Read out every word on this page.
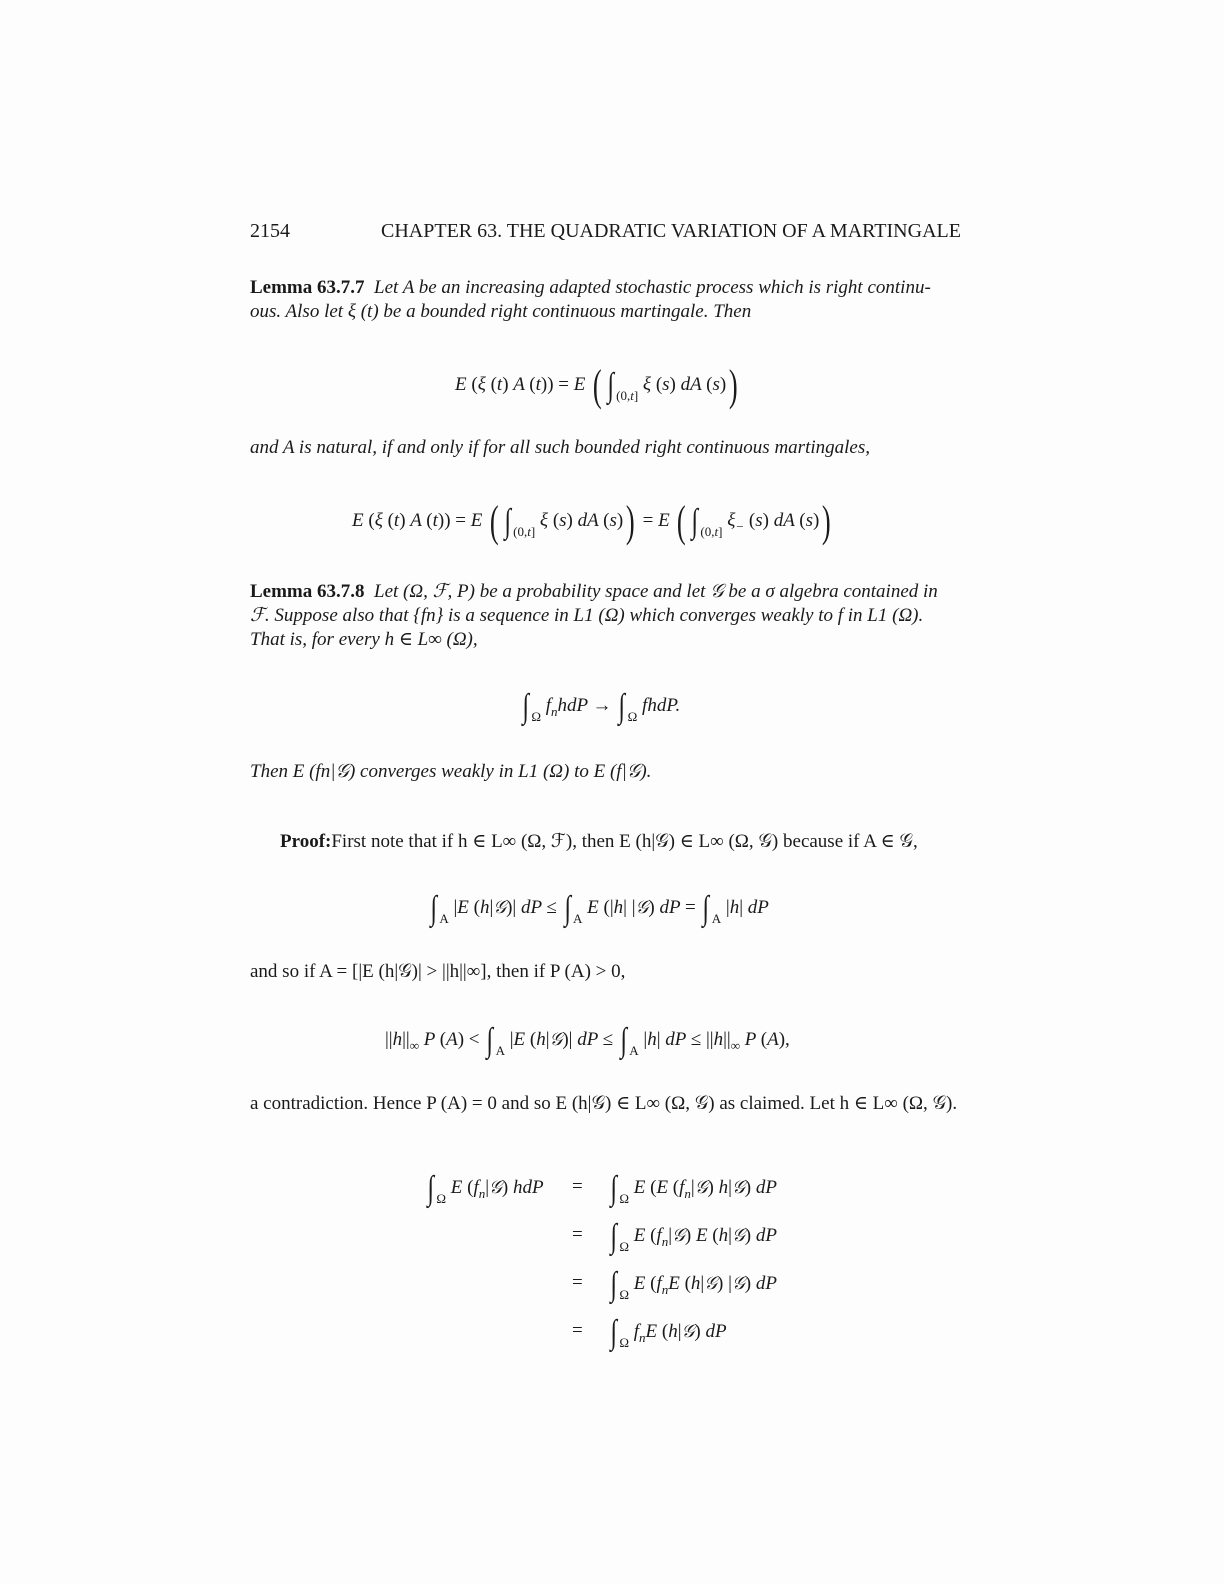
2154	CHAPTER 63. THE QUADRATIC VARIATION OF A MARTINGALE
Lemma 63.7.7 Let A be an increasing adapted stochastic process which is right continu-
ous. Also let ξ (t) be a bounded right continuous martingale. Then
E (ξ (t) A (t)) = E ( ∫ $_{(0,t]}$ ξ (s) dA (s))
and A is natural, if and only if for all such bounded right continuous martingales,
E (ξ (t) A (t)) = E ( ∫ $_{(0,t]}$ ξ (s) dA (s)) = E ( ∫ $_{(0,t]}$ $\xi_-$ (s) dA (s))
Lemma 63.7.8 Let (Ω, ℱ, P) be a probability space and let 𝒢 be a σ algebra contained in
ℱ. Suppose also that {fn} is a sequence in L1 (Ω) which converges weakly to f in L1 (Ω).
That is, for every h ∈ L∞ (Ω),
∫ $_\Omega$ $f_nhdP$ → ∫ $_\Omega$ fhdP.
Then E (fn|𝒢) converges weakly in L1 (Ω) to E (f|𝒢).
Proof:First note that if h ∈ L∞ (Ω, ℱ), then E (h|𝒢) ∈ L∞ (Ω, 𝒢) because if A ∈ 𝒢,
∫ $_A$ |E (h|𝒢)| dP ≤ ∫ $_A$ E (|h| |𝒢) dP = ∫ $_A$ |h| dP
and so if A = [|E (h|𝒢)| > ||h||∞], then if P (A) > 0,
$||h||_\infty$ P (A) < ∫ $_A$ |E (h|𝒢)| dP ≤ ∫ $_A$ |h| dP ≤ $||h||_\infty$ P (A),
a contradiction. Hence P (A) = 0 and so E (h|𝒢) ∈ L∞ (Ω, 𝒢) as claimed. Let h ∈ L∞ (Ω, 𝒢).
∫ $_\Omega$ E $(f_n|𝒢)$ hdP = ∫ $_\Omega$ E (E $(f_n|𝒢)$ h|𝒢) dP
= ∫ $_\Omega$ E $(f_n|𝒢)$ E (h|𝒢) dP
= ∫ $_\Omega$ E ($f_nE$ (h|𝒢) |𝒢) dP
= ∫ $_\Omega$ $f_nE$ (h|𝒢) dP
